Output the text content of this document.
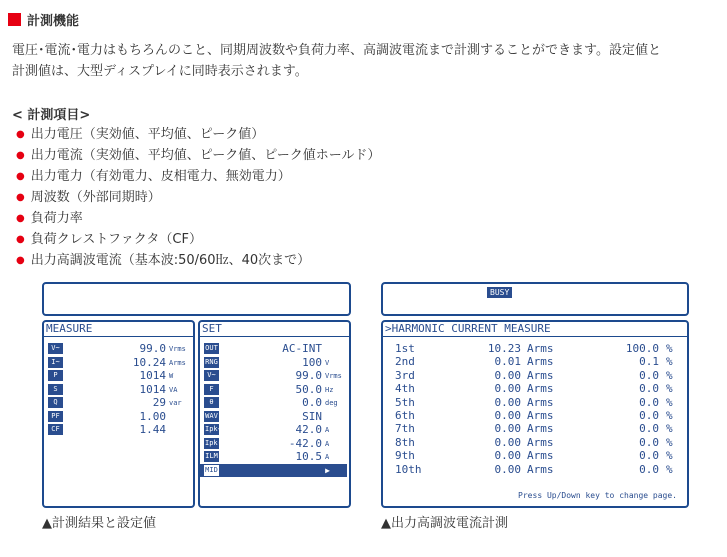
計測機能
電圧･電流･電力はもちろんのこと、同期周波数や負荷力率、高調波電流まで計測することができます。設定値と
計測値は、大型ディスプレイに同時表示されます。
< 計測項目>
● 出力電圧（実効値、平均値、ピーク値）
● 出力電流（実効値、平均値、ピーク値、ピーク値ホールド）
● 出力電力（有効電力、皮相電力、無効電力）
● 周波数（外部同期時）
● 負荷力率
● 負荷クレストファクタ（CF）
● 出力高調波電流（基本波:50/60㎐、40次まで）
MEASURE
V~	99.0 Vrms
I~	10.24 Arms
P	1014 W
S	1014 VA
Q	29 var
PF	1.00
CF	1.44
SET
OUT	AC-INT
RNG	100 V
V~	99.0 Vrms
F	50.0 Hz
θ	0.0 deg
WAV	SIN
Ipk+	42.0 A
Ipk-	-42.0 A
ILM	10.5 A
MID	▶
▲計測結果と設定値
BUSY
>HARMONIC CURRENT MEASURE
1st	10.23 Arms	100.0 %
2nd	0.01 Arms	0.1 %
3rd	0.00 Arms	0.0 %
4th	0.00 Arms	0.0 %
5th	0.00 Arms	0.0 %
6th	0.00 Arms	0.0 %
7th	0.00 Arms	0.0 %
8th	0.00 Arms	0.0 %
9th	0.00 Arms	0.0 %
10th	0.00 Arms	0.0 %
Press Up/Down key to change page.
▲出力高調波電流計測
